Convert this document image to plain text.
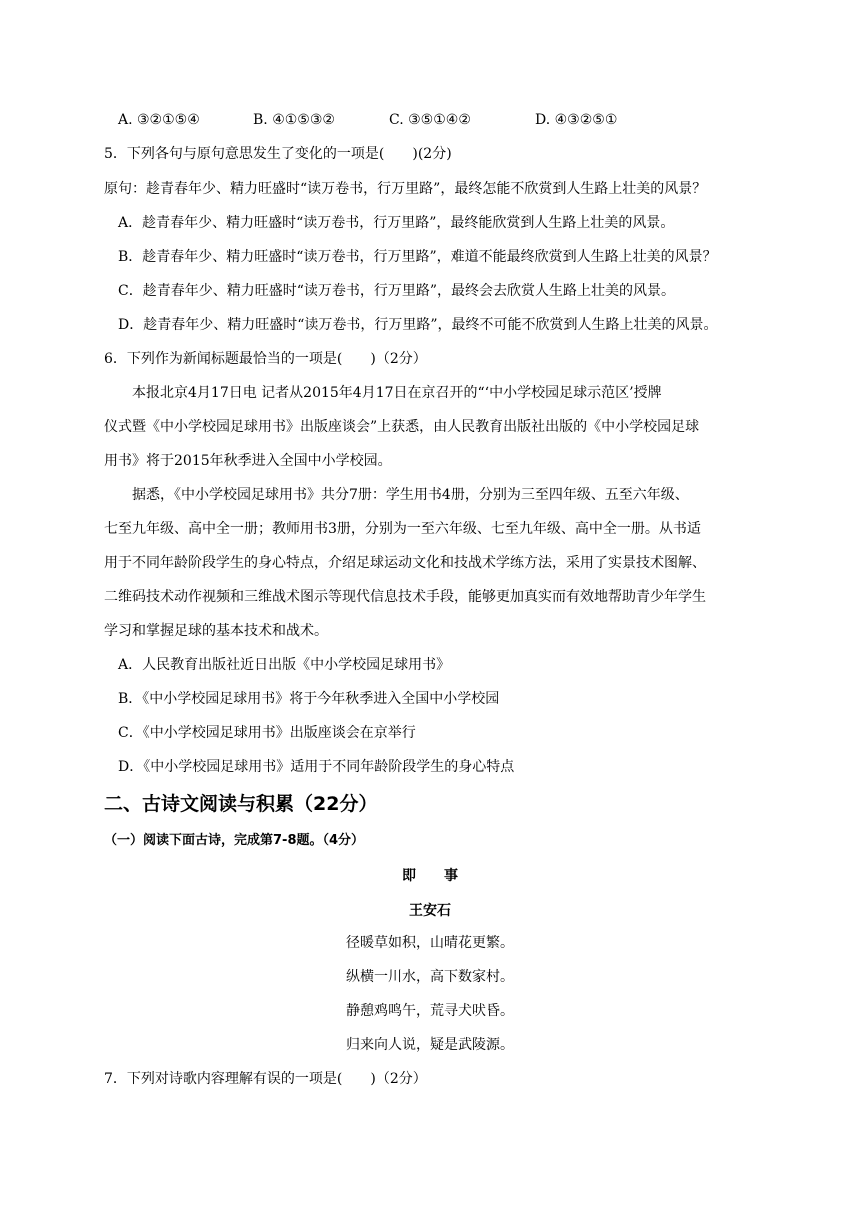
A. ③②①⑤④	B. ④①⑤③②	C. ③⑤①④②	D. ④③②⑤①
5．下列各句与原句意思发生了变化的一项是(　　)(2分)
原句：趁青春年少、精力旺盛时“读万卷书，行万里路”，最终怎能不欣赏到人生路上壮美的风景？
A．趁青春年少、精力旺盛时“读万卷书，行万里路”，最终能欣赏到人生路上壮美的风景。
B．趁青春年少、精力旺盛时“读万卷书，行万里路”，难道不能最终欣赏到人生路上壮美的风景？
C．趁青春年少、精力旺盛时“读万卷书，行万里路”，最终会去欣赏人生路上壮美的风景。
D．趁青春年少、精力旺盛时“读万卷书，行万里路”，最终不可能不欣赏到人生路上壮美的风景。
6．下列作为新闻标题最恰当的一项是(　　)（2分）
本报北京4月17日电 记者从2015年4月17日在京召开的“‘中小学校园足球示范区’授牌
仪式暨《中小学校园足球用书》出版座谈会”上获悉，由人民教育出版社出版的《中小学校园足球
用书》将于2015年秋季进入全国中小学校园。
据悉，《中小学校园足球用书》共分7册：学生用书4册，分别为三至四年级、五至六年级、
七至九年级、高中全一册；教师用书3册，分别为一至六年级、七至九年级、高中全一册。从书适
用于不同年龄阶段学生的身心特点，介绍足球运动文化和技战术学练方法，采用了实景技术图解、
二维码技术动作视频和三维战术图示等现代信息技术手段，能够更加真实而有效地帮助青少年学生
学习和掌握足球的基本技术和战术。
A．人民教育出版社近日出版《中小学校园足球用书》
B．《中小学校园足球用书》将于今年秋季进入全国中小学校园
C．《中小学校园足球用书》出版座谈会在京举行
D．《中小学校园足球用书》适用于不同年龄阶段学生的身心特点
二、古诗文阅读与积累（22分）
（一）阅读下面古诗，完成第7-8题。（4分）
即　　事
王安石
径暖草如积，山晴花更繁。
纵横一川水，高下数家村。
静憩鸡鸣午，荒寻犬吠昏。
归来向人说，疑是武陵源。
7．下列对诗歌内容理解有误的一项是(　　)（2分）
